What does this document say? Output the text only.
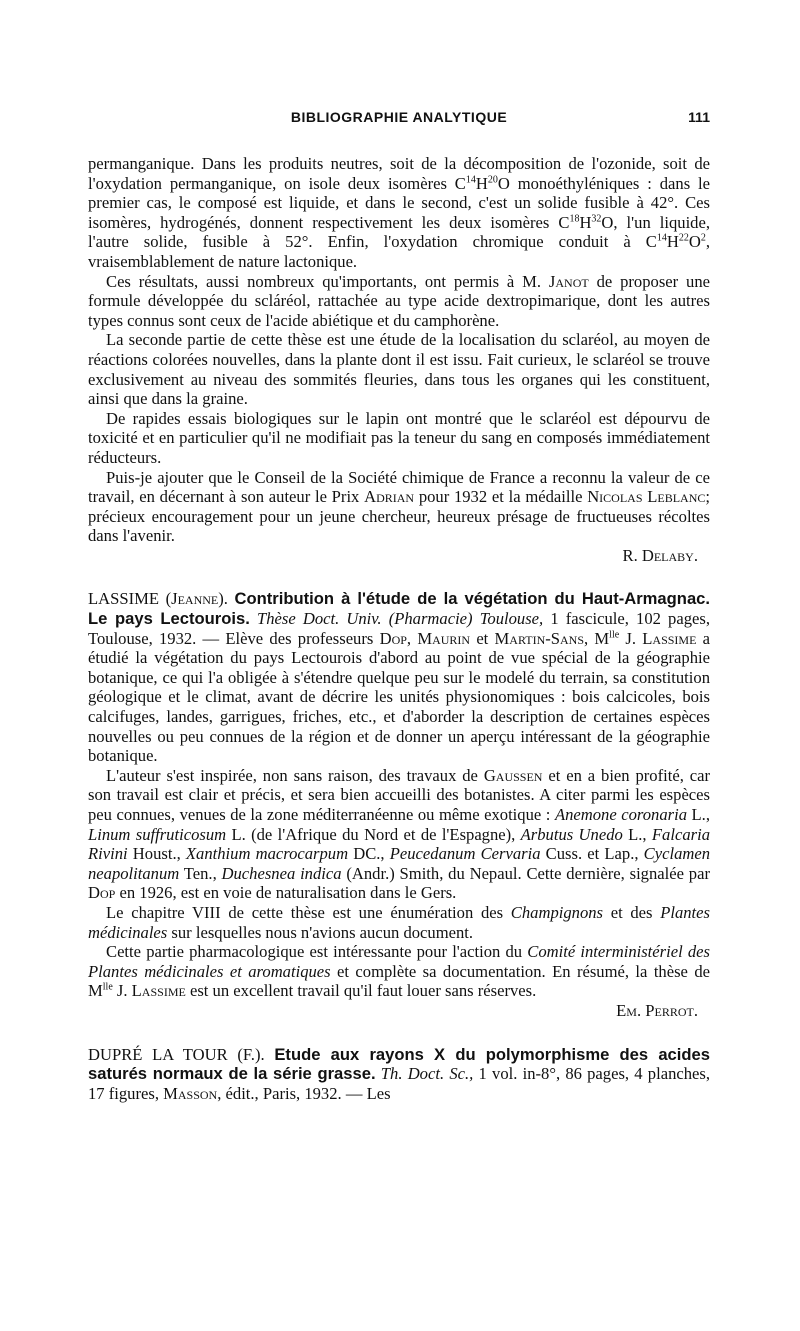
BIBLIOGRAPHIE ANALYTIQUE	111

permanganique. Dans les produits neutres, soit de la décomposition de l'ozonide, soit de l'oxydation permanganique, on isole deux isomères $C^{14}H^{20}O$ monoéthyléniques : dans le premier cas, le composé est liquide, et dans le second, c'est un solide fusible à 42°. Ces isomères, hydrogénés, donnent respectivement les deux isomères $C^{18}H^{32}O$, l'un liquide, l'autre solide, fusible à 52°. Enfin, l'oxydation chromique conduit à $C^{14}H^{22}O^2$, vraisemblablement de nature lactonique.

Ces résultats, aussi nombreux qu'importants, ont permis à M. Janot de proposer une formule développée du scláréol, rattachée au type acide dextropimarique, dont les autres types connus sont ceux de l'acide abiétique et du camphorène.

La seconde partie de cette thèse est une étude de la localisation du sclaréol, au moyen de réactions colorées nouvelles, dans la plante dont il est issu. Fait curieux, le sclaréol se trouve exclusivement au niveau des sommités fleuries, dans tous les organes qui les constituent, ainsi que dans la graine.

De rapides essais biologiques sur le lapin ont montré que le sclaréol est dépourvu de toxicité et en particulier qu'il ne modifiait pas la teneur du sang en composés immédiatement réducteurs.

Puis-je ajouter que le Conseil de la Société chimique de France a reconnu la valeur de ce travail, en décernant à son auteur le Prix Adrian pour 1932 et la médaille Nicolas Leblanc; précieux encouragement pour un jeune chercheur, heureux présage de fructueuses récoltes dans l'avenir.

R. Delaby.

LASSIME (Jeanne). Contribution à l'étude de la végétation du Haut-Armagnac. Le pays Lectourois. Thèse Doct. Univ. (Pharmacie) Toulouse, 1 fascicule, 102 pages, Toulouse, 1932. — Elève des professeurs Dop, Maurin et Martin-Sans, $M^{lle}$ J. Lassime a étudié la végétation du pays Lectourois d'abord au point de vue spécial de la géographie botanique, ce qui l'a obligée à s'étendre quelque peu sur le modelé du terrain, sa constitution géologique et le climat, avant de décrire les unités physionomiques : bois calcicoles, bois calcifuges, landes, garrigues, friches, etc., et d'aborder la description de certaines espèces nouvelles ou peu connues de la région et de donner un aperçu intéressant de la géographie botanique.

L'auteur s'est inspirée, non sans raison, des travaux de Gaussen et en a bien profité, car son travail est clair et précis, et sera bien accueilli des botanistes. A citer parmi les espèces peu connues, venues de la zone méditerranéenne ou même exotique : Anemone coronaria L., Linum suffruticosum L. (de l'Afrique du Nord et de l'Espagne), Arbutus Unedo L., Falcaria Rivini Houst., Xanthium macrocarpum DC., Peucedanum Cervaria Cuss. et Lap., Cyclamen neapolitanum Ten., Duchesnea indica (Andr.) Smith, du Nepaul. Cette dernière, signalée par Dop en 1926, est en voie de naturalisation dans le Gers.

Le chapitre VIII de cette thèse est une énumération des Champignons et des Plantes médicinales sur lesquelles nous n'avions aucun document.

Cette partie pharmacologique est intéressante pour l'action du Comité interministériel des Plantes médicinales et aromatiques et complète sa documentation. En résumé, la thèse de $M^{lle}$ J. Lassime est un excellent travail qu'il faut louer sans réserves.

Em. Perrot.

DUPRÉ LA TOUR (F.). Etude aux rayons X du polymorphisme des acides saturés normaux de la série grasse. Th. Doct. Sc., 1 vol. in-8°, 86 pages, 4 planches, 17 figures, Masson, édit., Paris, 1932. — Les
